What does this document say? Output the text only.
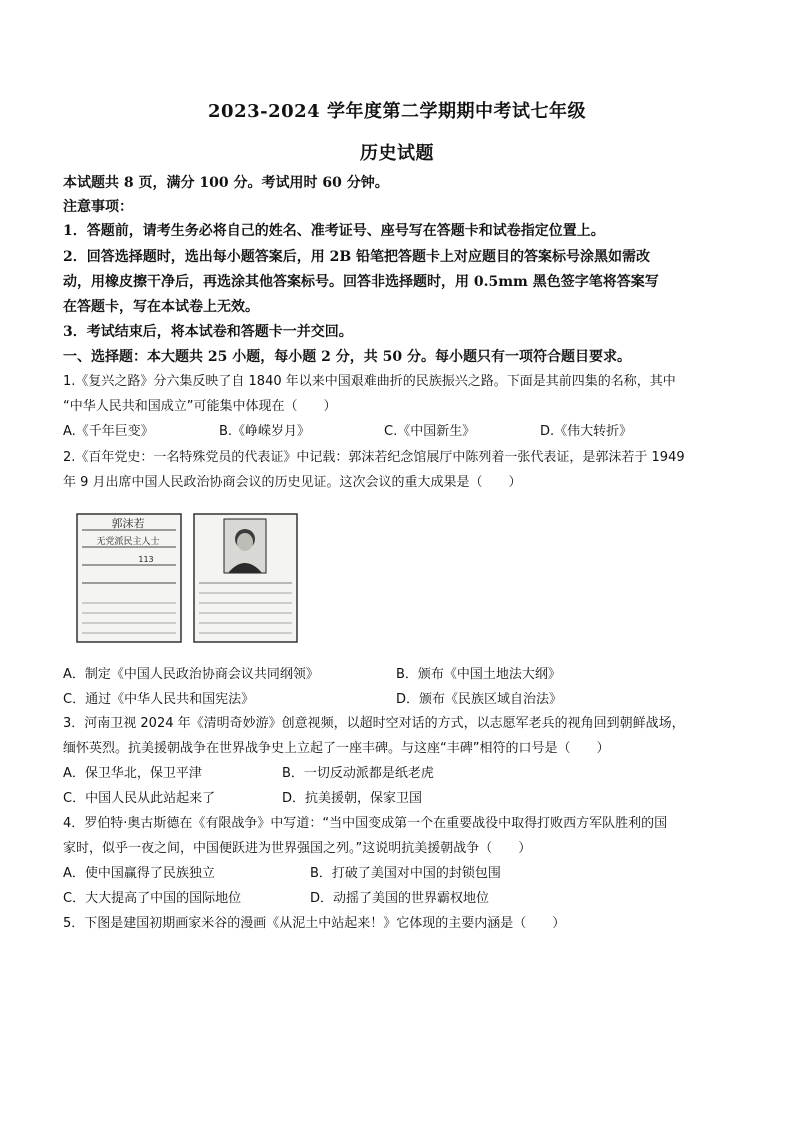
2023-2024 学年度第二学期期中考试七年级
历史试题
本试题共 8 页，满分 100 分。考试用时 60 分钟。
注意事项：
1．答题前，请考生务必将自己的姓名、准考证号、座号写在答题卡和试卷指定位置上。
2．回答选择题时，选出每小题答案后，用 2B 铅笔把答题卡上对应题目的答案标号涂黑如需改
动，用橡皮擦干净后，再选涂其他答案标号。回答非选择题时，用 0.5mm 黑色签字笔将答案写
在答题卡，写在本试卷上无效。
3．考试结束后，将本试卷和答题卡一并交回。
一、选择题：本大题共 25 小题，每小题 2 分，共 50 分。每小题只有一项符合题目要求。
1.《复兴之路》分六集反映了自 1840 年以来中国艰难曲折的民族振兴之路。下面是其前四集的名称，其中
“中华人民共和国成立”可能集中体现在（　　）
A.《千年巨变》	B.《峥嵘岁月》	C.《中国新生》	D.《伟大转折》
2.《百年党史：一名特殊党员的代表证》中记载：郭沫若纪念馆展厅中陈列着一张代表证，是郭沫若于 1949
年 9 月出席中国人民政治协商会议的历史见证。这次会议的重大成果是（　　）
郭沫若
无党派民主人士
113
A．制定《中国人民政治协商会议共同纲领》	B．颁布《中国土地法大纲》
C．通过《中华人民共和国宪法》	D．颁布《民族区域自治法》
3．河南卫视 2024 年《清明奇妙游》创意视频，以超时空对话的方式，以志愿军老兵的视角回到朝鲜战场，
缅怀英烈。抗美援朝战争在世界战争史上立起了一座丰碑。与这座“丰碑”相符的口号是（　　）
A．保卫华北，保卫平津	B．一切反动派都是纸老虎
C．中国人民从此站起来了	D．抗美援朝，保家卫国
4．罗伯特·奥古斯德在《有限战争》中写道：“当中国变成第一个在重要战役中取得打败西方军队胜利的国
家时，似乎一夜之间，中国便跃进为世界强国之列。”这说明抗美援朝战争（　　）
A．使中国赢得了民族独立	B．打破了美国对中国的封锁包围
C．大大提高了中国的国际地位	D．动摇了美国的世界霸权地位
5．下图是建国初期画家米谷的漫画《从泥土中站起来！》它体现的主要内涵是（　　）
